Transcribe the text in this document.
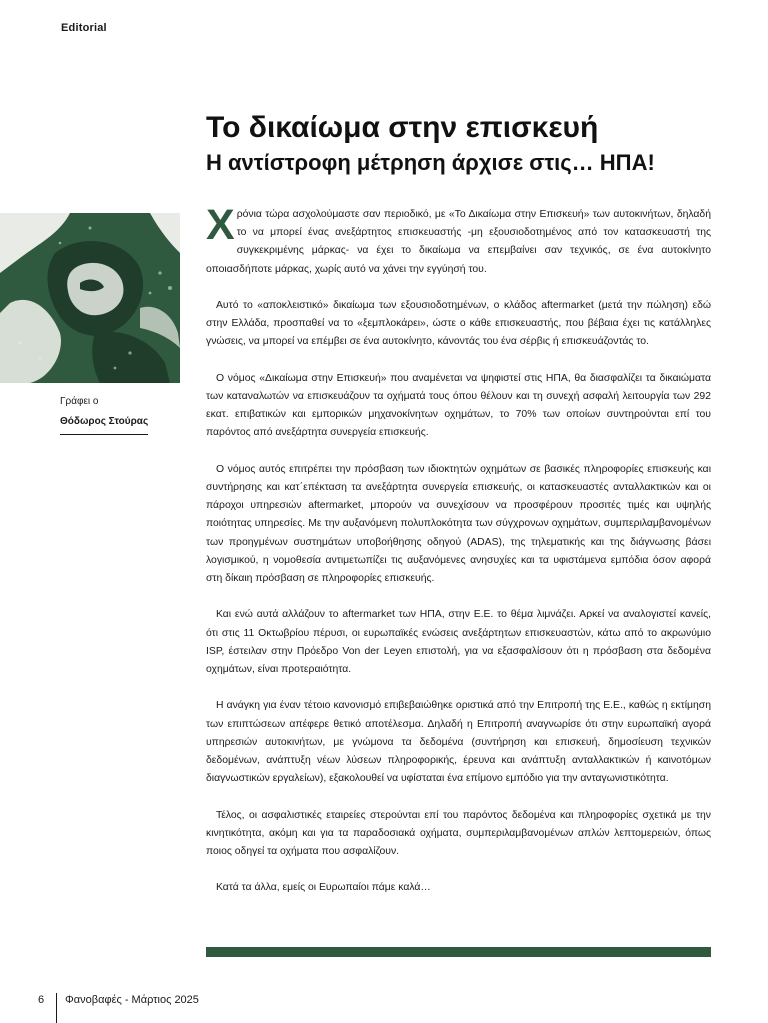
Editorial
Το δικαίωμα στην επισκευή
Η αντίστροφη μέτρηση άρχισε στις… ΗΠΑ!
Γράφει ο
Θόδωρος Στούρας

Χρόνια τώρα ασχολούμαστε σαν περιοδικό, με «Το Δικαίωμα στην Επισκευή» των αυτοκινήτων, δηλαδή το να μπορεί ένας ανεξάρτητος επισκευαστής -μη εξουσιοδοτημένος από τον κατασκευαστή της συγκεκριμένης μάρκας- να έχει το δικαίωμα να επεμβαίνει σαν τεχνικός, σε ένα αυτοκίνητο οποιασδήποτε μάρκας, χωρίς αυτό να χάνει την εγγύησή του.

Αυτό το «αποκλειστικό» δικαίωμα των εξουσιοδοτημένων, ο κλάδος aftermarket (μετά την πώληση) εδώ στην Ελλάδα, προσπαθεί να το «ξεμπλοκάρει», ώστε ο κάθε επισκευαστής, που βέβαια έχει τις κατάλληλες γνώσεις, να μπορεί να επέμβει σε ένα αυτοκίνητο, κάνοντάς του ένα σέρβις ή επισκευάζοντάς το.

Ο νόμος «Δικαίωμα στην Επισκευή» που αναμένεται να ψηφιστεί στις ΗΠΑ, θα διασφαλίζει τα δικαιώματα των καταναλωτών να επισκευάζουν τα οχήματά τους όπου θέλουν και τη συνεχή ασφαλή λειτουργία των 292 εκατ. επιβατικών και εμπορικών μηχανοκίνητων οχημάτων, το 70% των οποίων συντηρούνται επί του παρόντος από ανεξάρτητα συνεργεία επισκευής.

Ο νόμος αυτός επιτρέπει την πρόσβαση των ιδιοκτητών οχημάτων σε βασικές πληροφορίες επισκευής και συντήρησης και κατ΄επέκταση τα ανεξάρτητα συνεργεία επισκευής, οι κατασκευαστές ανταλλακτικών και οι πάροχοι υπηρεσιών aftermarket, μπορούν να συνεχίσουν να προσφέρουν προσιτές τιμές και υψηλής ποιότητας υπηρεσίες. Με την αυξανόμενη πολυπλοκότητα των σύγχρονων οχημάτων, συμπεριλαμβανομένων των προηγμένων συστημάτων υποβοήθησης οδηγού (ADAS), της τηλεματικής και της διάγνωσης βάσει λογισμικού, η νομοθεσία αντιμετωπίζει τις αυξανόμενες ανησυχίες και τα υφιστάμενα εμπόδια όσον αφορά στη δίκαιη πρόσβαση σε πληροφορίες επισκευής.

Και ενώ αυτά αλλάζουν το aftermarket των ΗΠΑ, στην Ε.Ε. το θέμα λιμνάζει. Αρκεί να αναλογιστεί κανείς, ότι στις 11 Οκτωβρίου πέρυσι, οι ευρωπαϊκές ενώσεις ανεξάρτητων επισκευαστών, κάτω από το ακρωνύμιο ISP, έστειλαν στην Πρόεδρο Von der Leyen επιστολή, για να εξασφαλίσουν ότι η πρόσβαση στα δεδομένα οχημάτων, είναι προτεραιότητα.

Η ανάγκη για έναν τέτοιο κανονισμό επιβεβαιώθηκε οριστικά από την Επιτροπή της Ε.Ε., καθώς η εκτίμηση των επιπτώσεων απέφερε θετικό αποτέλεσμα. Δηλαδή η Επιτροπή αναγνωρίσε ότι στην ευρωπαϊκή αγορά υπηρεσιών αυτοκινήτων, με γνώμονα τα δεδομένα (συντήρηση και επισκευή, δημοσίευση τεχνικών δεδομένων, ανάπτυξη νέων λύσεων πληροφορικής, έρευνα και ανάπτυξη ανταλλακτικών ή καινοτόμων διαγνωστικών εργαλείων), εξακολουθεί να υφίσταται ένα επίμονο εμπόδιο για την ανταγωνιστικότητα.

Τέλος, οι ασφαλιστικές εταιρείες στερούνται επί του παρόντος δεδομένα και πληροφορίες σχετικά με την κινητικότητα, ακόμη και για τα παραδοσιακά οχήματα, συμπεριλαμβανομένων απλών λεπτομερειών, όπως ποιος οδηγεί τα οχήματα που ασφαλίζουν.

Κατά τα άλλα, εμείς οι Ευρωπαίοι πάμε καλά…

6	Φανοβαφές - Μάρτιος 2025
